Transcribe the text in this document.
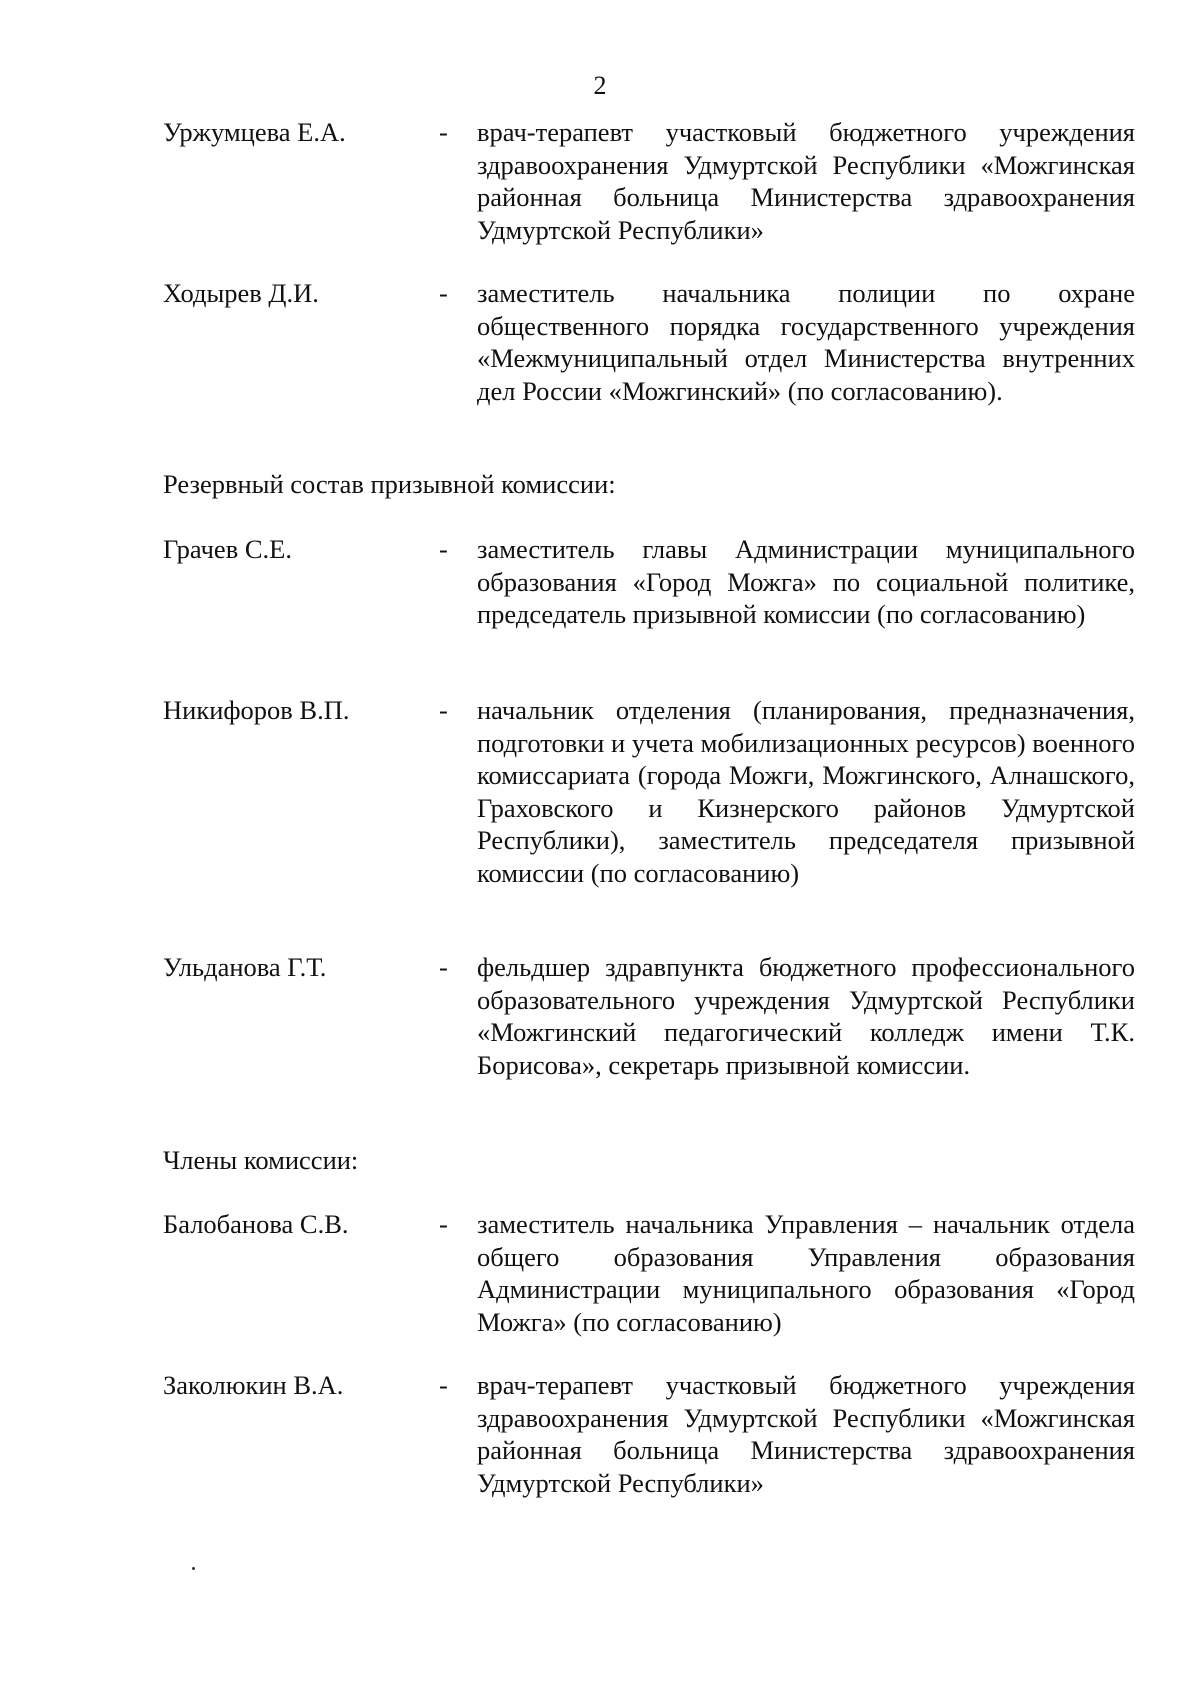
2
Уржумцева Е.А.	- врач-терапевт участковый бюджетного учреждения здравоохранения Удмуртской Республики «Можгинская районная больница Министерства здравоохранения Удмуртской Республики»
Ходырев Д.И.	- заместитель начальника полиции по охране общественного порядка государственного учреждения «Межмуниципальный отдел Министерства внутренних дел России «Можгинский» (по согласованию).
Резервный состав призывной комиссии:
Грачев С.Е.	- заместитель главы Администрации муниципального образования «Город Можга» по социальной политике, председатель призывной комиссии (по согласованию)
Никифоров В.П.	- начальник отделения (планирования, предназначения, подготовки и учета мобилизационных ресурсов) военного комиссариата (города Можги, Можгинского, Алнашского, Граховского и Кизнерского районов Удмуртской Республики), заместитель председателя призывной комиссии (по согласованию)
Ульданова Г.Т.	- фельдшер здравпункта бюджетного профессионального образовательного учреждения Удмуртской Республики «Можгинский педагогический колледж имени Т.К. Борисова», секретарь призывной комиссии.
Члены комиссии:
Балобанова С.В.	- заместитель начальника Управления – начальник отдела общего образования Управления образования Администрации муниципального образования «Город Можга» (по согласованию)
Заколюкин В.А.	- врач-терапевт участковый бюджетного учреждения здравоохранения Удмуртской Республики «Можгинская районная больница Министерства здравоохранения Удмуртской Республики»
